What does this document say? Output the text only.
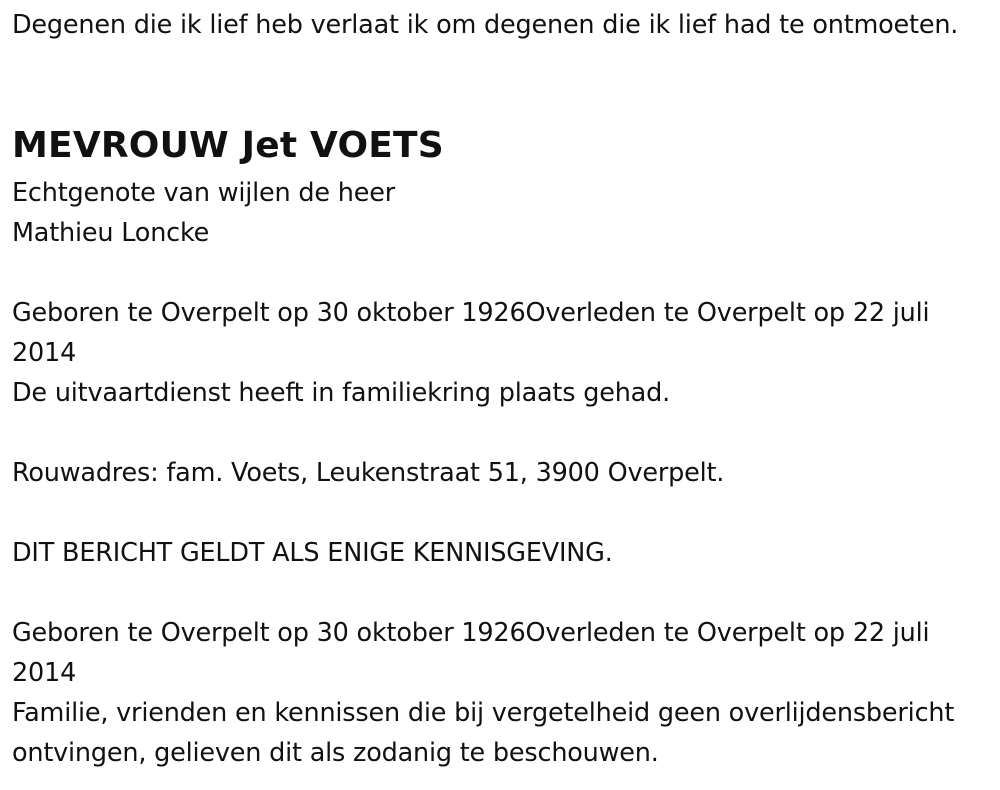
Degenen die ik lief heb verlaat ik om degenen die ik lief had te ontmoeten.

MEVROUW Jet VOETS
Echtgenote van wijlen de heer
Mathieu Loncke

Geboren te Overpelt op 30 oktober 1926Overleden te Overpelt op 22 juli 2014

De uitvaartdienst heeft in familiekring plaats gehad.

Rouwadres: fam. Voets, Leukenstraat 51, 3900 Overpelt.

DIT BERICHT GELDT ALS ENIGE KENNISGEVING.

Geboren te Overpelt op 30 oktober 1926Overleden te Overpelt op 22 juli 2014

Familie, vrienden en kennissen die bij vergetelheid geen overlijdensbericht ontvingen, gelieven dit als zodanig te beschouwen.
